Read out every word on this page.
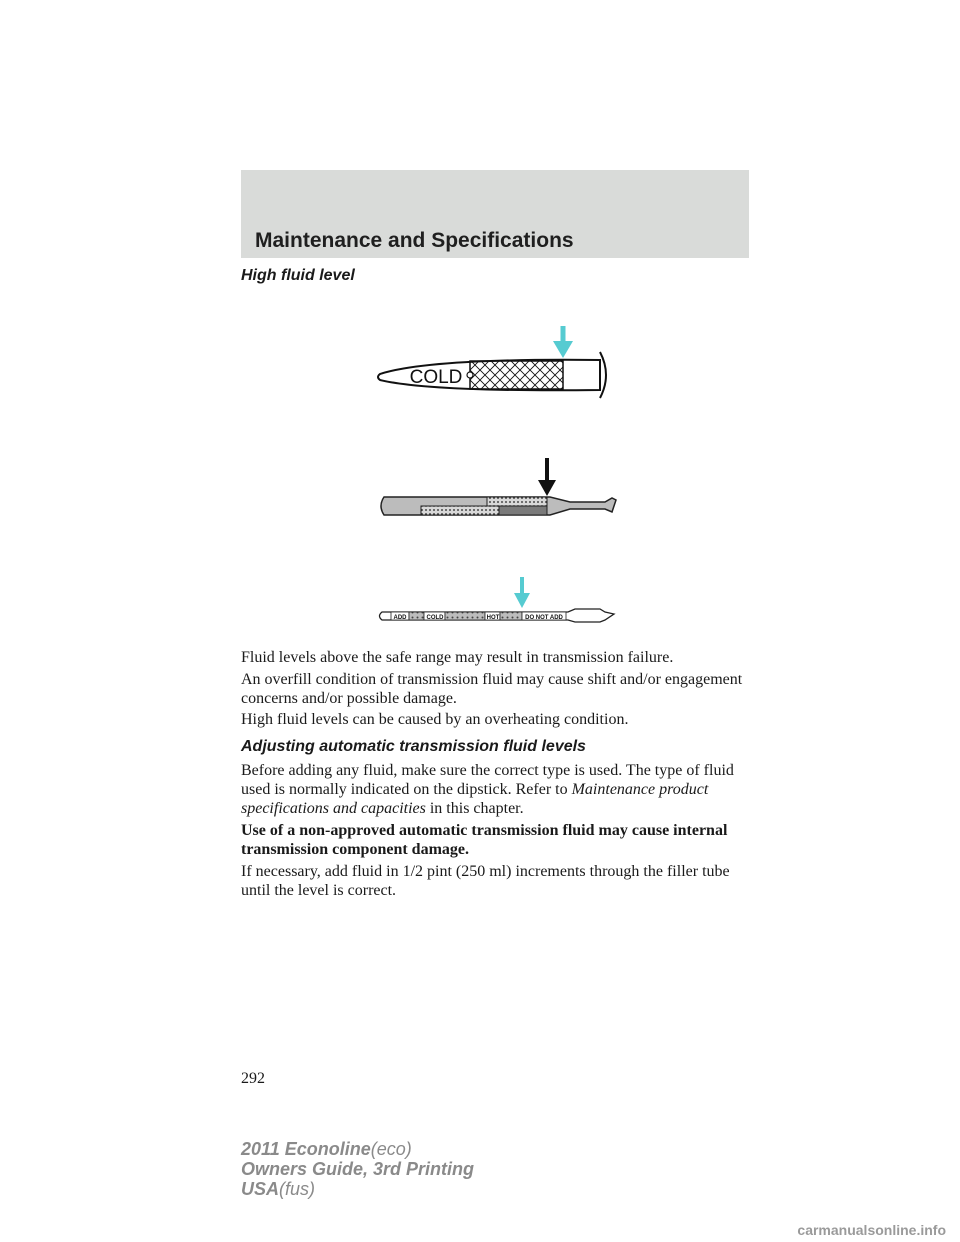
Maintenance and Specifications
High fluid level
COLD
ADD	COLD	HOT	DO NOT ADD
Fluid levels above the safe range may result in transmission failure.
An overfill condition of transmission fluid may cause shift and/or engagement concerns and/or possible damage.
High fluid levels can be caused by an overheating condition.
Adjusting automatic transmission fluid levels
Before adding any fluid, make sure the correct type is used. The type of fluid used is normally indicated on the dipstick. Refer to Maintenance product specifications and capacities in this chapter.
Use of a non-approved automatic transmission fluid may cause internal transmission component damage.
If necessary, add fluid in 1/2 pint (250 ml) increments through the filler tube until the level is correct.
292
2011 Econoline(eco)
Owners Guide, 3rd Printing
USA(fus)
carmanualsonline.info
